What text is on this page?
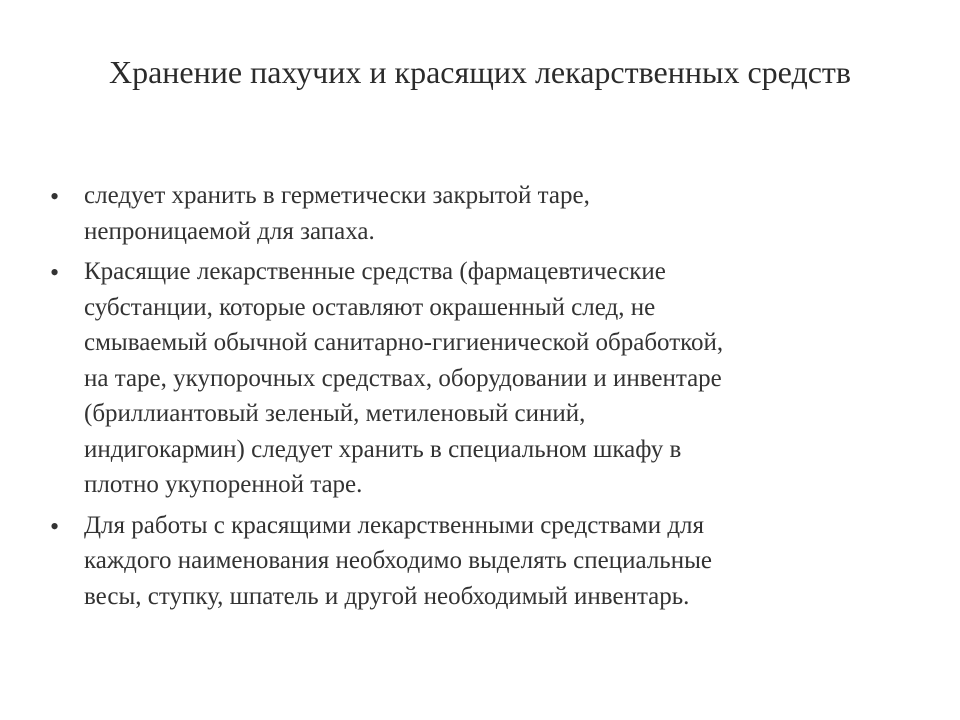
Хранение пахучих и красящих лекарственных средств
• следует хранить в герметически закрытой таре,
непроницаемой для запаха.
• Красящие лекарственные средства (фармацевтические
субстанции, которые оставляют окрашенный след, не
смываемый обычной санитарно-гигиенической обработкой,
на таре, укупорочных средствах, оборудовании и инвентаре
(бриллиантовый зеленый, метиленовый синий,
индигокармин) следует хранить в специальном шкафу в
плотно укупоренной таре.
• Для работы с красящими лекарственными средствами для
каждого наименования необходимо выделять специальные
весы, ступку, шпатель и другой необходимый инвентарь.
